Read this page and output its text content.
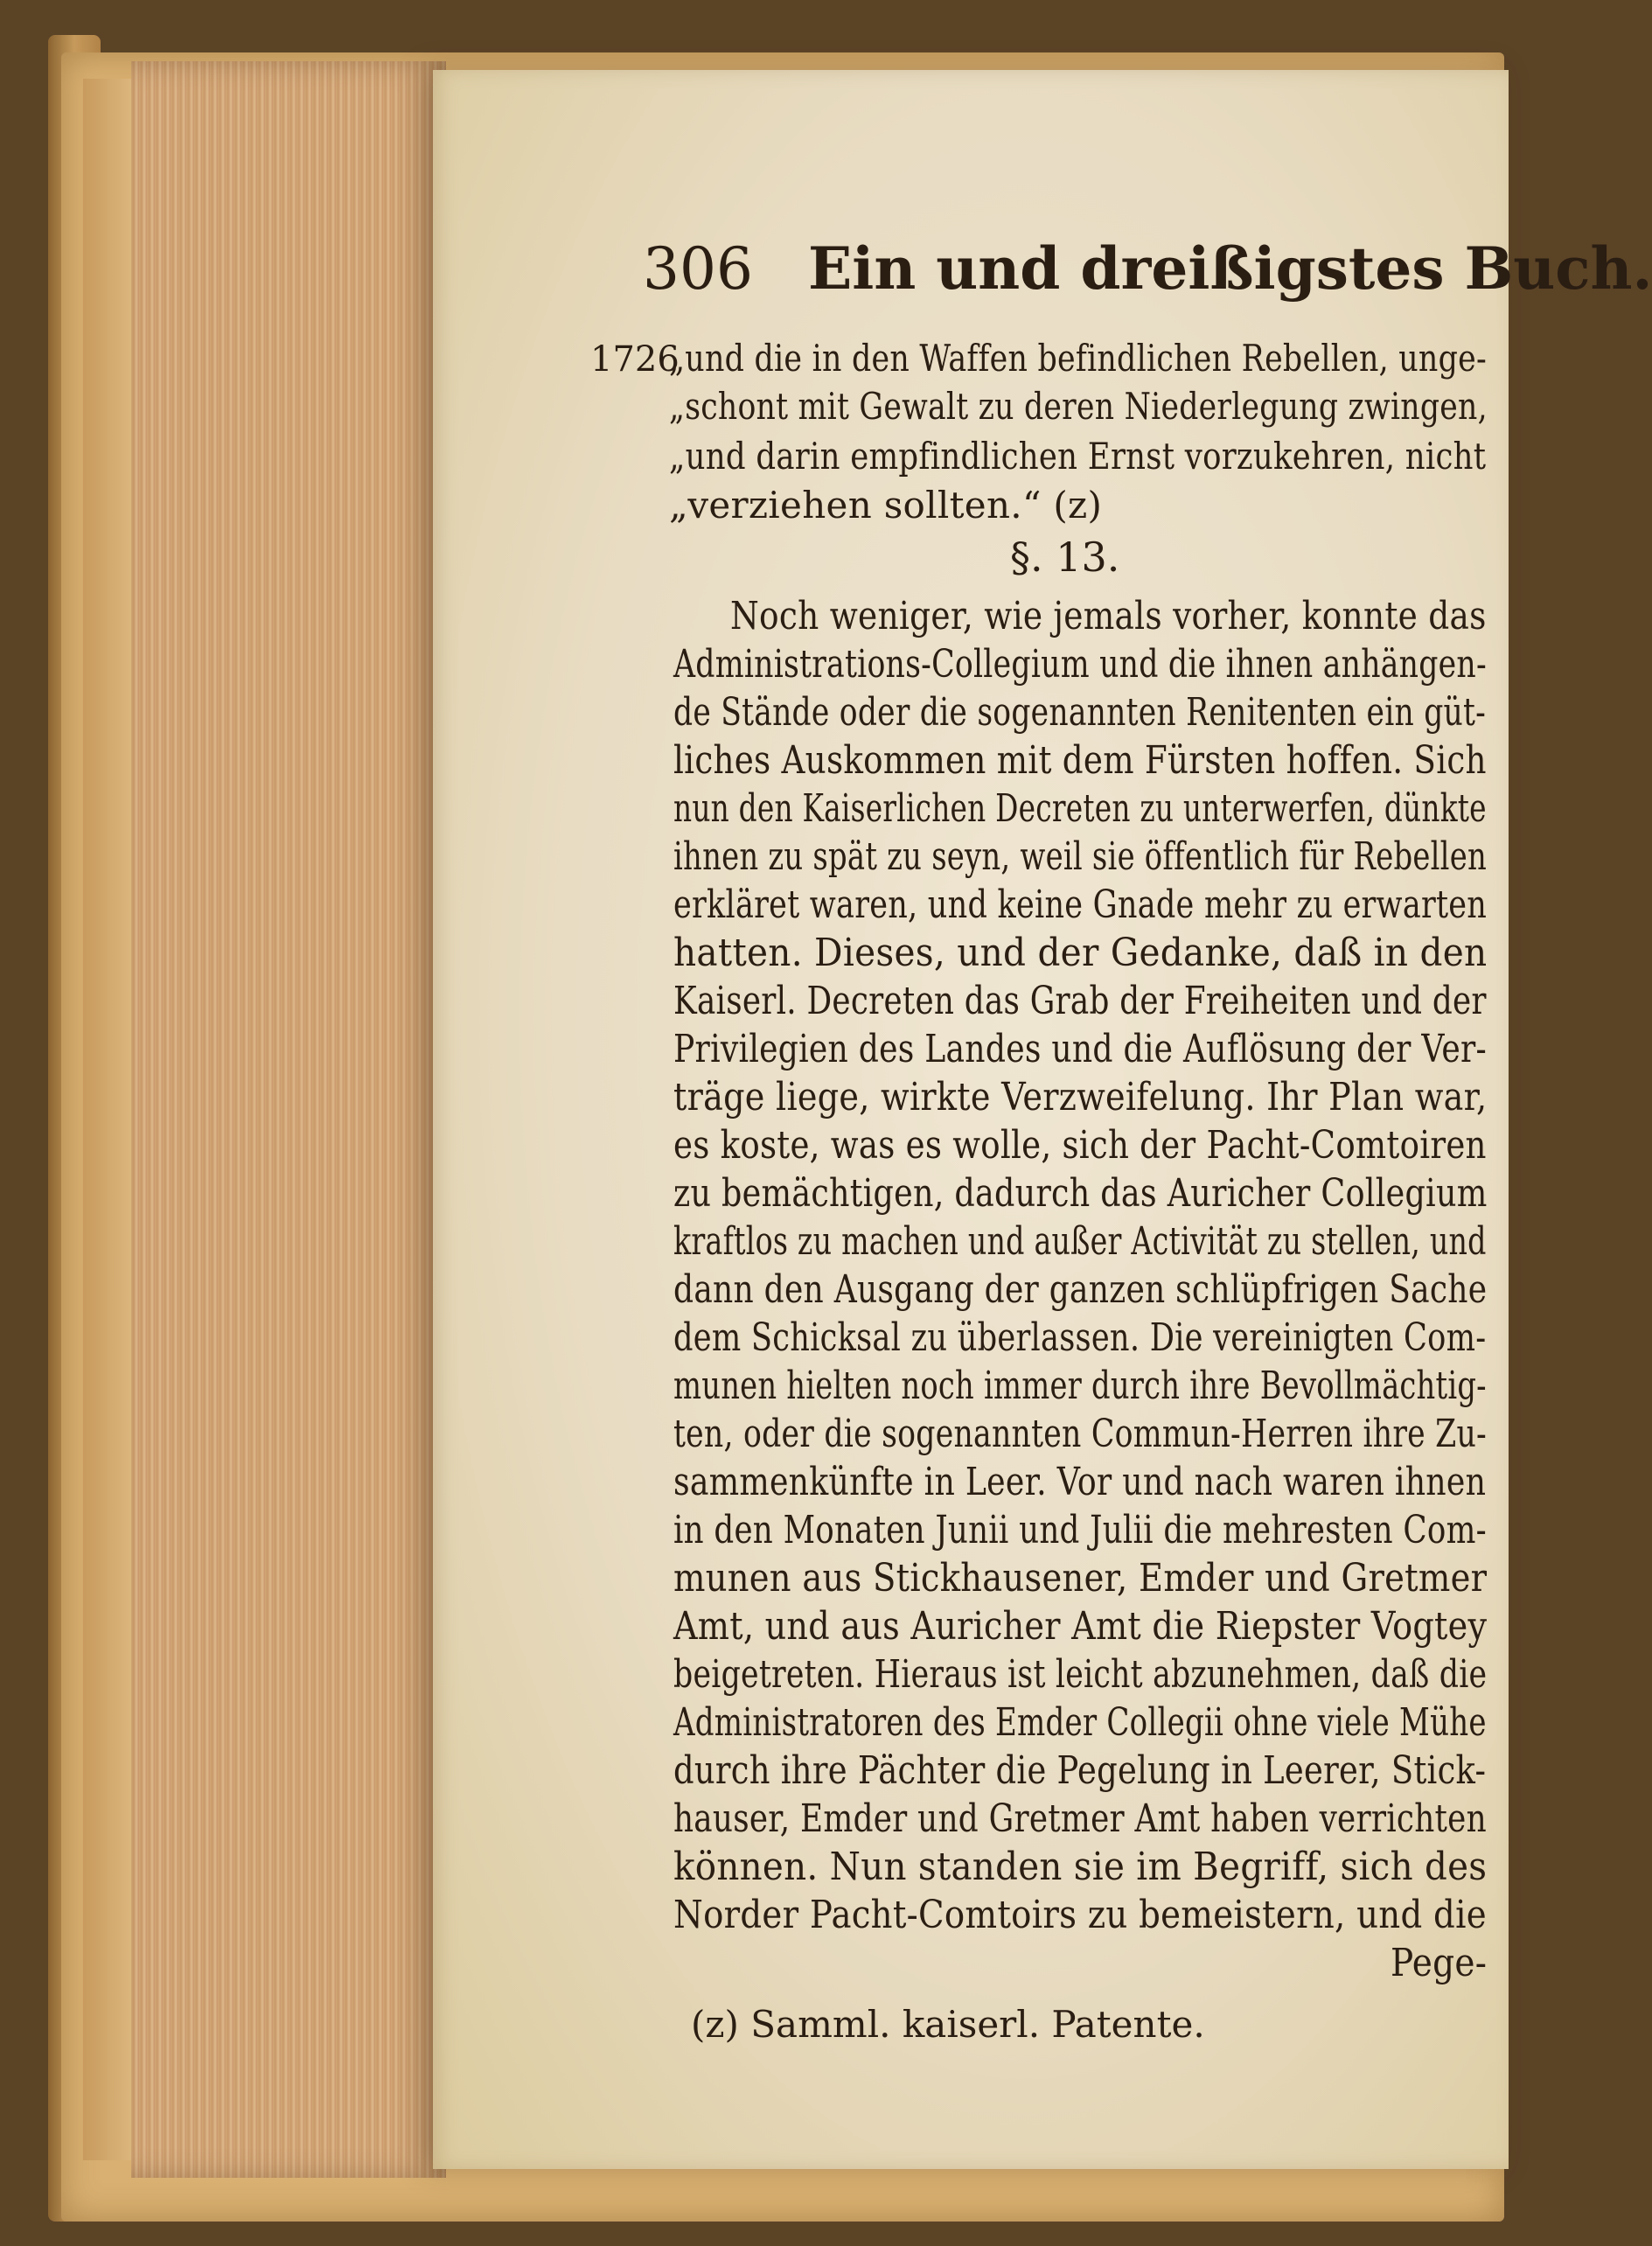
306 Ein und dreißigstes Buch.
1726
„und die in den Waffen befindlichen Rebellen, unge-
„schont mit Gewalt zu deren Niederlegung zwingen,
„und darin empfindlichen Ernst vorzukehren, nicht
„verziehen sollten.“ (z)
§. 13.
Noch weniger, wie jemals vorher, konnte das
Administrations-Collegium und die ihnen anhängen-
de Stände oder die sogenannten Renitenten ein güt-
liches Auskommen mit dem Fürsten hoffen. Sich
nun den Kaiserlichen Decreten zu unterwerfen, dünkte
ihnen zu spät zu seyn, weil sie öffentlich für Rebellen
erkläret waren, und keine Gnade mehr zu erwarten
hatten. Dieses, und der Gedanke, daß in den
Kaiserl. Decreten das Grab der Freiheiten und der
Privilegien des Landes und die Auflösung der Ver-
träge liege, wirkte Verzweifelung. Ihr Plan war,
es koste, was es wolle, sich der Pacht-Comtoiren
zu bemächtigen, dadurch das Auricher Collegium
kraftlos zu machen und außer Activität zu stellen, und
dann den Ausgang der ganzen schlüpfrigen Sache
dem Schicksal zu überlassen. Die vereinigten Com-
munen hielten noch immer durch ihre Bevollmächtig-
ten, oder die sogenannten Commun-Herren ihre Zu-
sammenkünfte in Leer. Vor und nach waren ihnen
in den Monaten Junii und Julii die mehresten Com-
munen aus Stickhausener, Emder und Gretmer
Amt, und aus Auricher Amt die Riepster Vogtey
beigetreten. Hieraus ist leicht abzunehmen, daß die
Administratoren des Emder Collegii ohne viele Mühe
durch ihre Pächter die Pegelung in Leerer, Stick-
hauser, Emder und Gretmer Amt haben verrichten
können. Nun standen sie im Begriff, sich des
Norder Pacht-Comtoirs zu bemeistern, und die
Pege-
(z) Samml. kaiserl. Patente.
